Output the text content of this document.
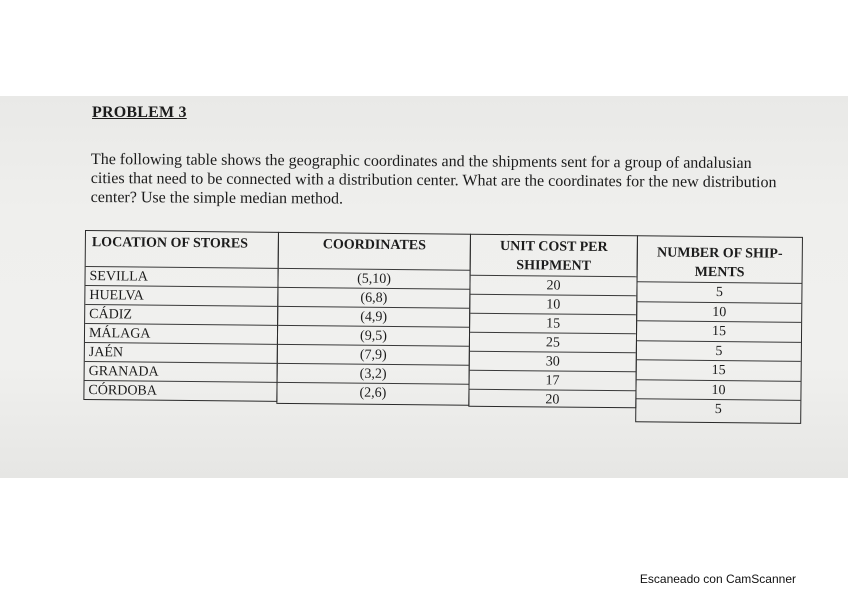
PROBLEM 3
The following table shows the geographic coordinates and the shipments sent for a group of andalusian cities that need to be connected with a distribution center. What are the coordinates for the new distribution center? Use the simple median method.
LOCATION OF STORES
SEVILLA
HUELVA
CÁDIZ
MÁLAGA
JAÉN
GRANADA
CÓRDOBA
COORDINATES
(5,10)
(6,8)
(4,9)
(9,5)
(7,9)
(3,2)
(2,6)
UNIT COST PER SHIPMENT
20
10
15
25
30
17
20
NUMBER OF SHIP-MENTS
5
10
15
5
15
10
5
Escaneado con CamScanner
